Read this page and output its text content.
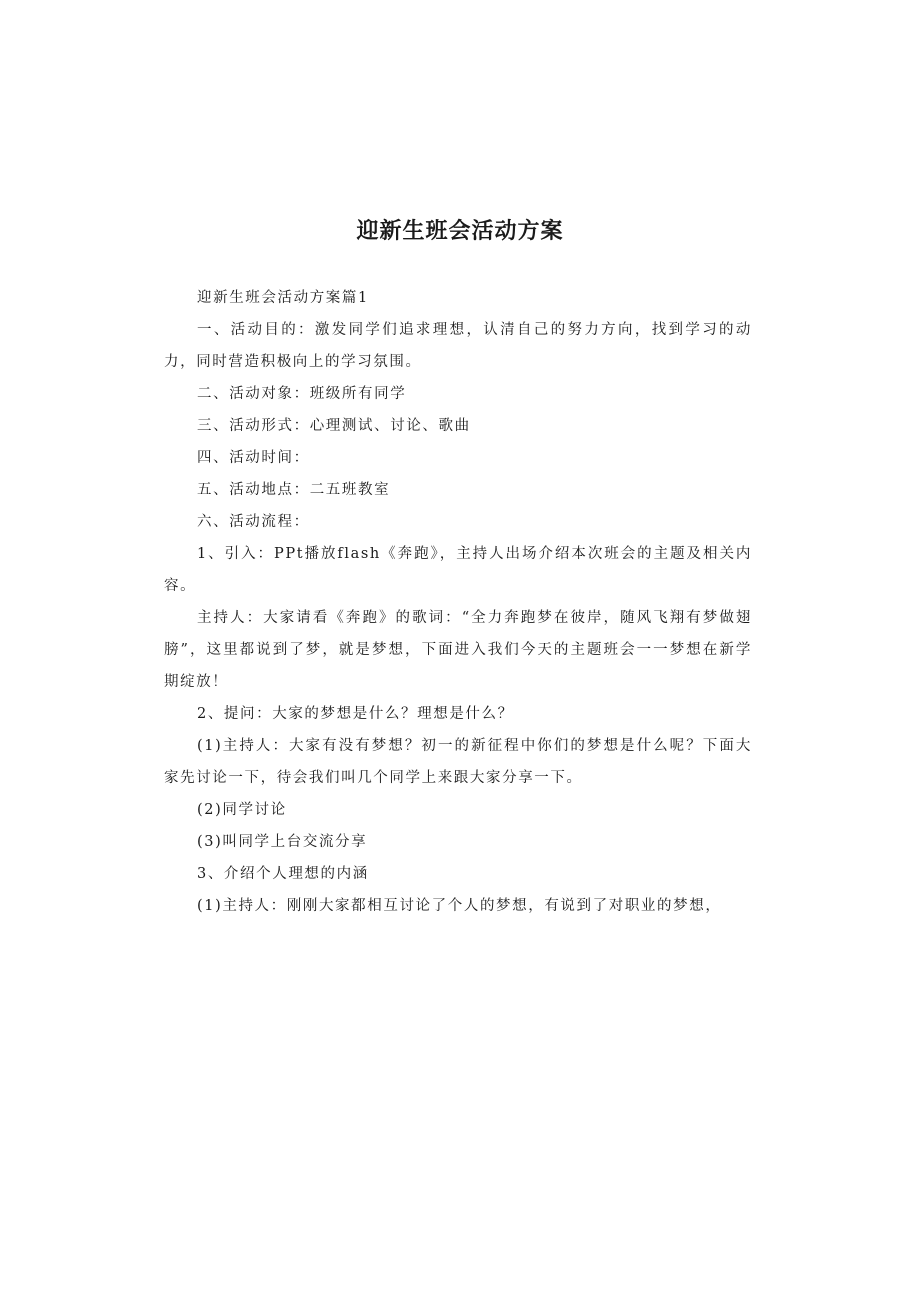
迎新生班会活动方案

迎新生班会活动方案篇1

一、活动目的：激发同学们追求理想，认清自己的努力方向，找到学习的动力，同时营造积极向上的学习氛围。

二、活动对象：班级所有同学

三、活动形式：心理测试、讨论、歌曲

四、活动时间：

五、活动地点：二五班教室

六、活动流程：

1、引入：PPt播放flash《奔跑》，主持人出场介绍本次班会的主题及相关内容。

主持人：大家请看《奔跑》的歌词：“全力奔跑梦在彼岸，随风飞翔有梦做翅膀”，这里都说到了梦，就是梦想，下面进入我们今天的主题班会一一梦想在新学期绽放！

2、提问：大家的梦想是什么？理想是什么？

(1)主持人：大家有没有梦想？初一的新征程中你们的梦想是什么呢？下面大家先讨论一下，待会我们叫几个同学上来跟大家分享一下。

(2)同学讨论

(3)叫同学上台交流分享

3、介绍个人理想的内涵

(1)主持人：刚刚大家都相互讨论了个人的梦想，有说到了对职业的梦想，
